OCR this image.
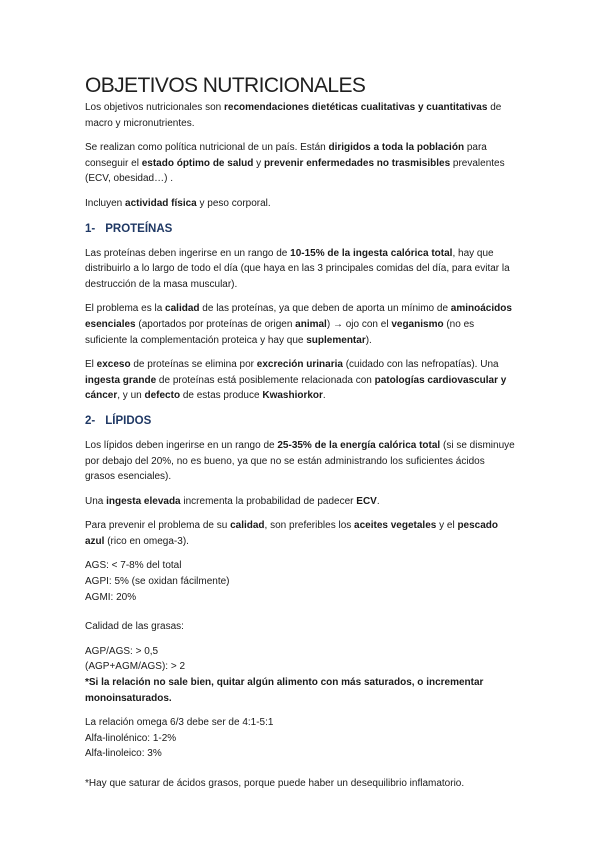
OBJETIVOS NUTRICIONALES

Los objetivos nutricionales son recomendaciones dietéticas cualitativas y cuantitativas de macro y micronutrientes.

Se realizan como política nutricional de un país. Están dirigidos a toda la población para conseguir el estado óptimo de salud y prevenir enfermedades no trasmisibles prevalentes (ECV, obesidad…) .

Incluyen actividad física y peso corporal.

1- PROTEÍNAS

Las proteínas deben ingerirse en un rango de 10-15% de la ingesta calórica total, hay que distribuirlo a lo largo de todo el día (que haya en las 3 principales comidas del día, para evitar la destrucción de la masa muscular).

El problema es la calidad de las proteínas, ya que deben de aporta un mínimo de aminoácidos esenciales (aportados por proteínas de origen animal) → ojo con el veganismo (no es suficiente la complementación proteica y hay que suplementar).

El exceso de proteínas se elimina por excreción urinaria (cuidado con las nefropatías). Una ingesta grande de proteínas está posiblemente relacionada con patologías cardiovascular y cáncer, y un defecto de estas produce Kwashiorkor.

2- LÍPIDOS

Los lípidos deben ingerirse en un rango de 25-35% de la energía calórica total (si se disminuye por debajo del 20%, no es bueno, ya que no se están administrando los suficientes ácidos grasos esenciales).

Una ingesta elevada incrementa la probabilidad de padecer ECV.

Para prevenir el problema de su calidad, son preferibles los aceites vegetales y el pescado azul (rico en omega-3).

AGS: < 7-8% del total

AGPI: 5% (se oxidan fácilmente)

AGMI: 20%

Calidad de las grasas:

AGP/AGS: > 0,5

(AGP+AGM/AGS): > 2

*Si la relación no sale bien, quitar algún alimento con más saturados, o incrementar monoinsaturados.

La relación omega 6/3 debe ser de 4:1-5:1

Alfa-linolénico: 1-2%

Alfa-linoleico: 3%

*Hay que saturar de ácidos grasos, porque puede haber un desequilibrio inflamatorio.
